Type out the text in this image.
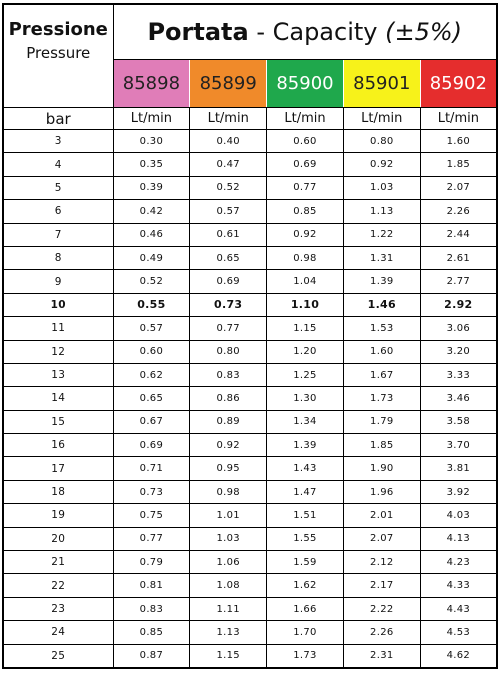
Pressione
Pressure	Portata - Capacity (±5%)				
	85898	85899	85900	85901	85902
bar	Lt/min	Lt/min	Lt/min	Lt/min	Lt/min
3	0.30	0.40	0.60	0.80	1.60
4	0.35	0.47	0.69	0.92	1.85
5	0.39	0.52	0.77	1.03	2.07
6	0.42	0.57	0.85	1.13	2.26
7	0.46	0.61	0.92	1.22	2.44
8	0.49	0.65	0.98	1.31	2.61
9	0.52	0.69	1.04	1.39	2.77
10	0.55	0.73	1.10	1.46	2.92
11	0.57	0.77	1.15	1.53	3.06
12	0.60	0.80	1.20	1.60	3.20
13	0.62	0.83	1.25	1.67	3.33
14	0.65	0.86	1.30	1.73	3.46
15	0.67	0.89	1.34	1.79	3.58
16	0.69	0.92	1.39	1.85	3.70
17	0.71	0.95	1.43	1.90	3.81
18	0.73	0.98	1.47	1.96	3.92
19	0.75	1.01	1.51	2.01	4.03
20	0.77	1.03	1.55	2.07	4.13
21	0.79	1.06	1.59	2.12	4.23
22	0.81	1.08	1.62	2.17	4.33
23	0.83	1.11	1.66	2.22	4.43
24	0.85	1.13	1.70	2.26	4.53
25	0.87	1.15	1.73	2.31	4.62
